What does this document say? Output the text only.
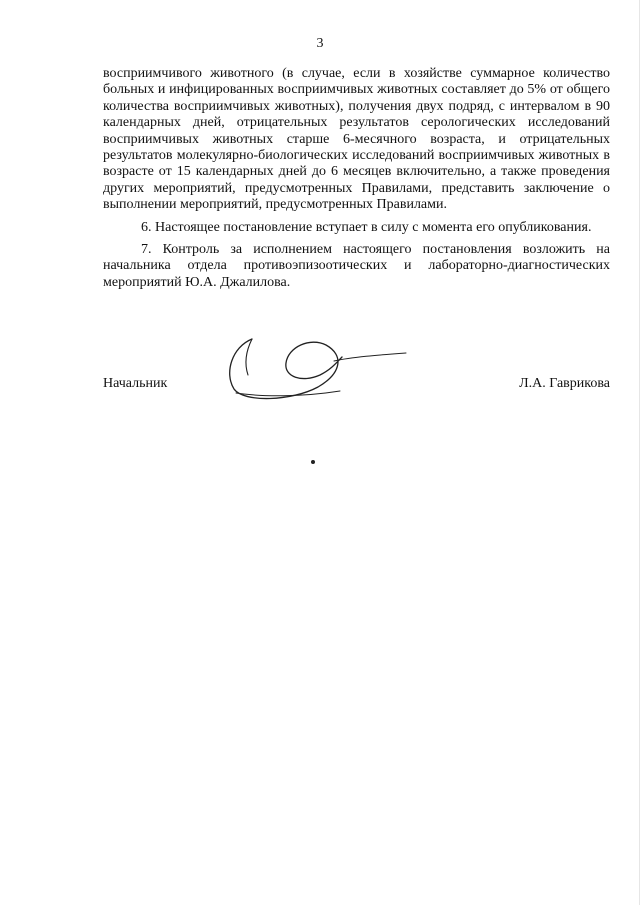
3

восприимчивого животного (в случае, если в хозяйстве суммарное количество больных и инфицированных восприимчивых животных составляет до 5% от общего количества восприимчивых животных), получения двух подряд, с интервалом в 90 календарных дней, отрицательных результатов серологических исследований восприимчивых животных старше 6-месячного возраста, и отрицательных результатов молекулярно-биологических исследований восприимчивых животных в возрасте от 15 календарных дней до 6 месяцев включительно, а также проведения других мероприятий, предусмотренных Правилами, представить заключение о выполнении мероприятий, предусмотренных Правилами.

6. Настоящее постановление вступает в силу с момента его опубликования.

7. Контроль за исполнением настоящего постановления возложить на начальника отдела противоэпизоотических и лабораторно-диагностических мероприятий Ю.А. Джалилова.

Начальник	Л.А. Гаврикова
